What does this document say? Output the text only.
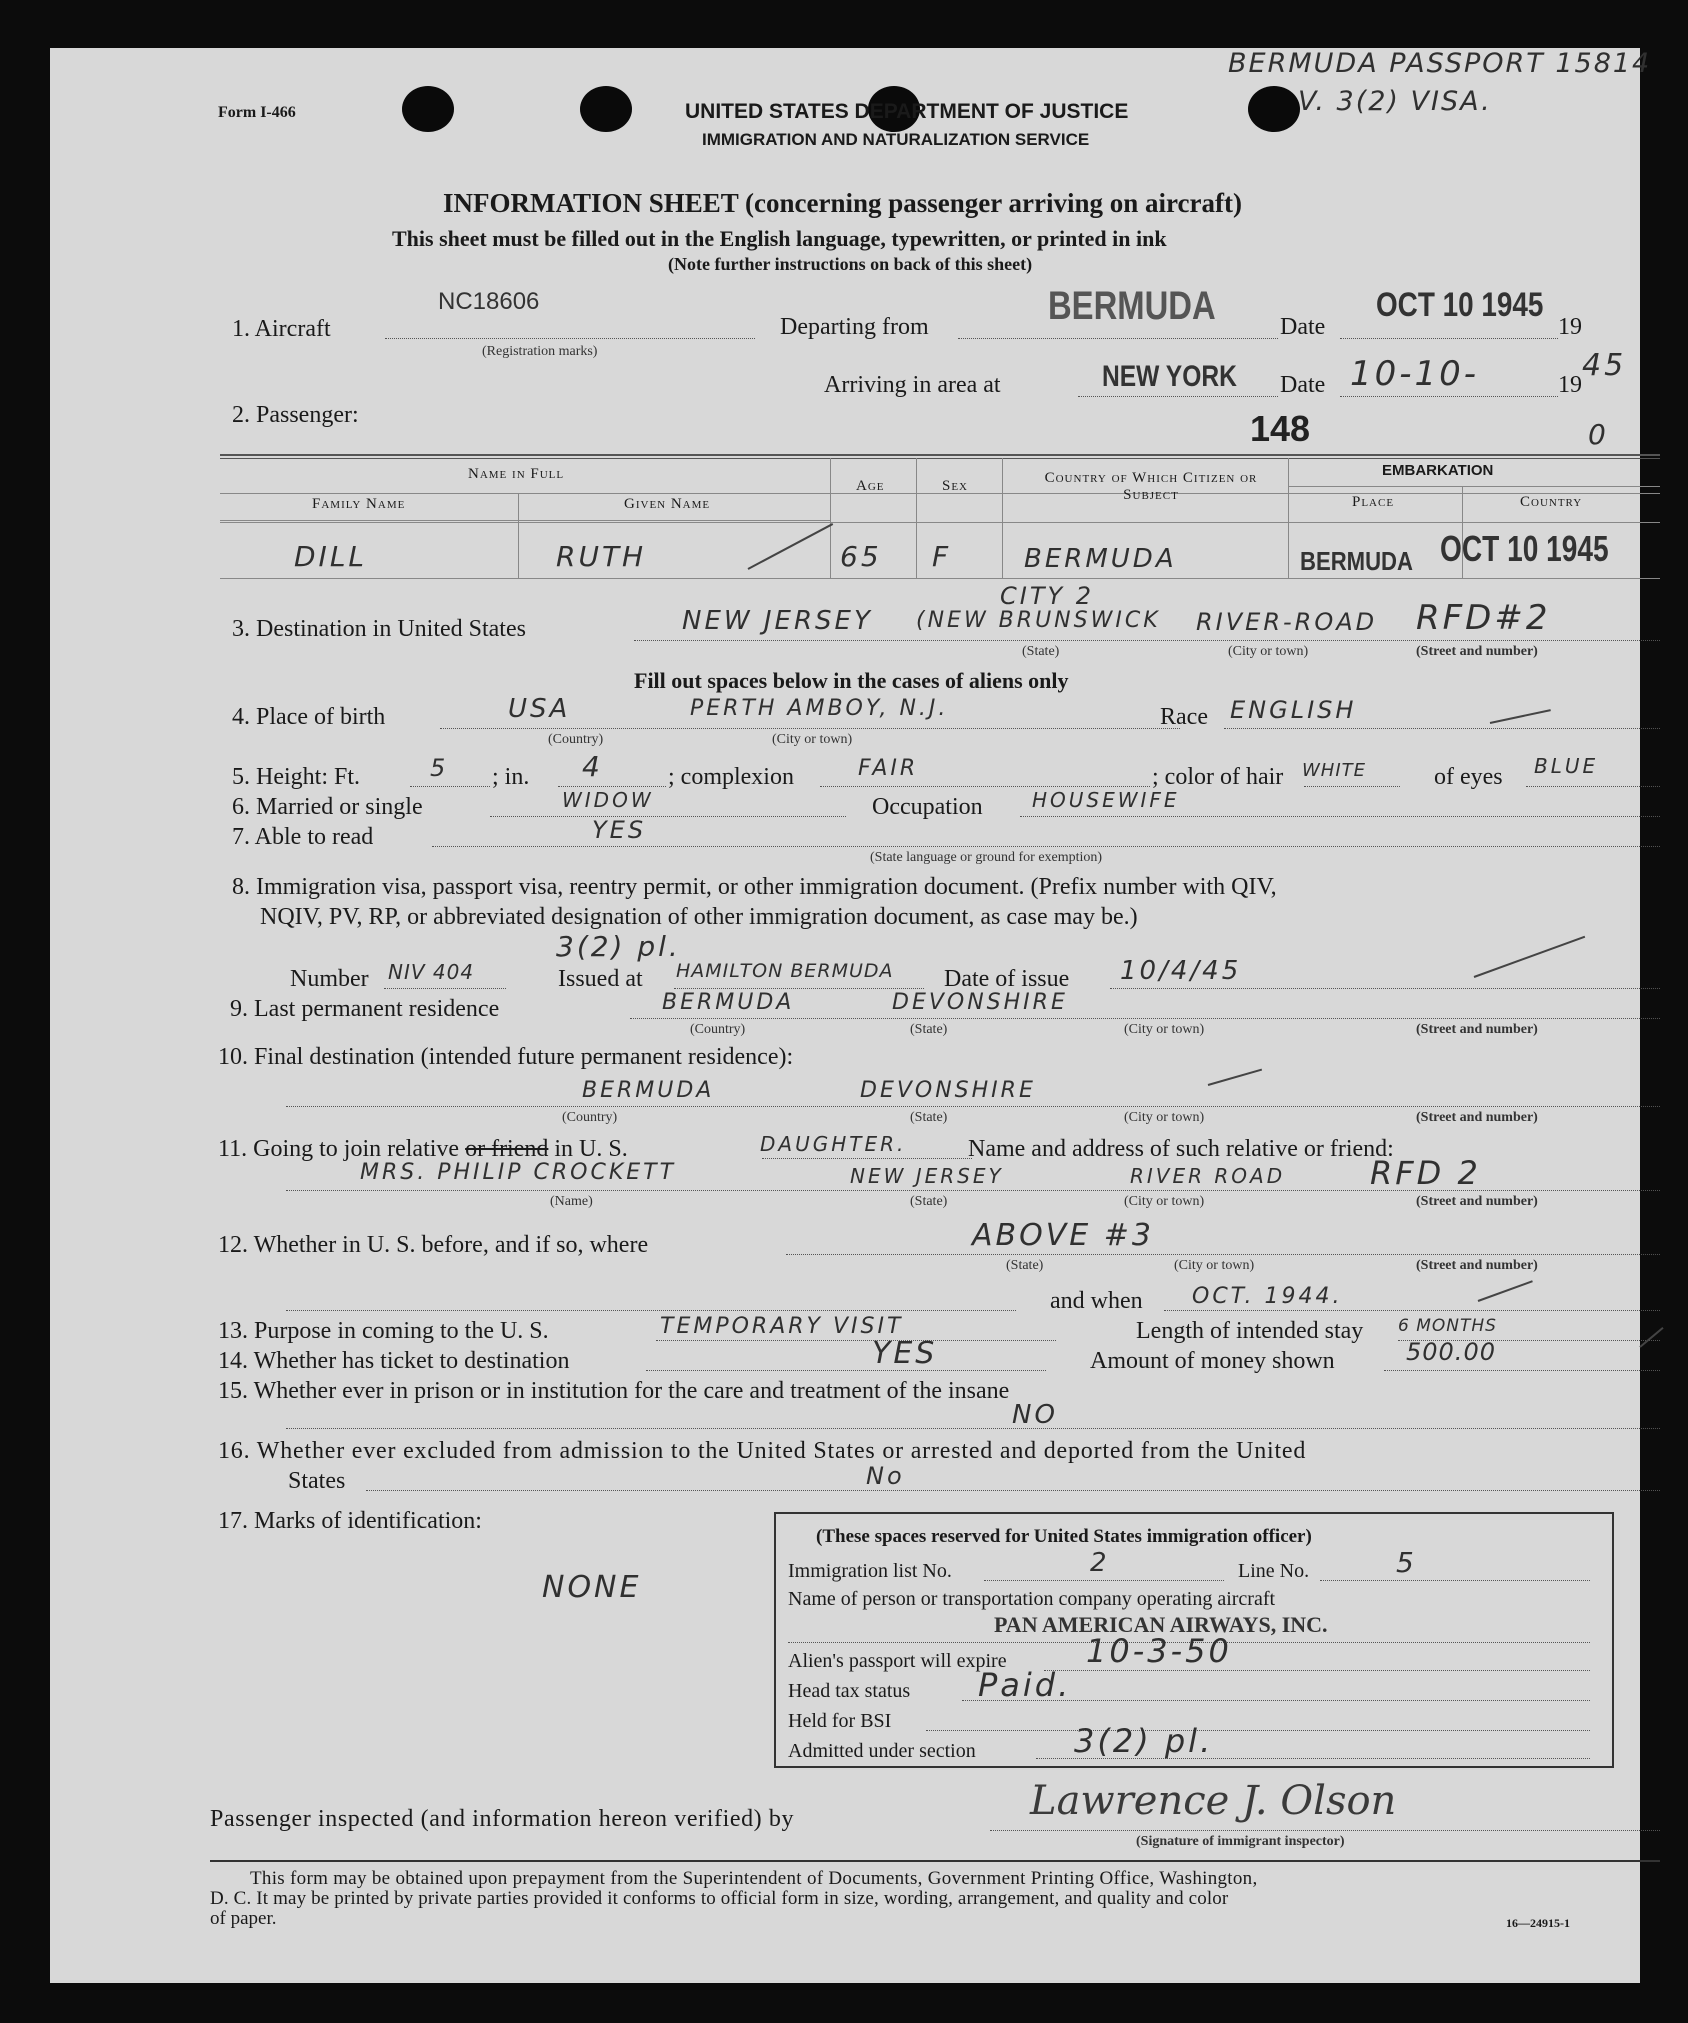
Form I-466	UNITED STATES DEPARTMENT OF JUSTICE
IMMIGRATION AND NATURALIZATION SERVICE
BERMUDA PASSPORT 15814
V. 3(2) VISA.
INFORMATION SHEET (concerning passenger arriving on aircraft)
This sheet must be filled out in the English language, typewritten, or printed in ink
(Note further instructions on back of this sheet)
1. Aircraft
NC18606
(Registration marks)
Departing from	BERMUDA	Date
OCT 10 1945
19
Arriving in area at	NEW YORK Date 10-10-	19
45
2. Passenger:	148	0
Name in Full
Family Name	Given Name
Age	Sex	Country of Which Citizen or Subject
EMBARKATION
Place	Country
DILL	RUTH	65 F	BERMUDA	BERMUDA OCT 10 1945
3. Destination in United States	NEW JERSEY
CITY 2
(NEW BRUNSWICK RIVER-ROAD RFD#2
(State)	(City or town)	(Street and number)
Fill out spaces below in the cases of aliens only
4. Place of birth	USA	PERTH AMBOY, N.J.
(Country)	(City or town)
Race ENGLISH
5. Height: Ft.	5 ; in. 4	; complexion	FAIR	; color of hair WHITE	of eyes BLUE
6. Married or single	WIDOW	Occupation HOUSEWIFE
7. Able to read	YES
(State language or ground for exemption)
8. Immigration visa, passport visa, reentry permit, or other immigration document. (Prefix number with QIV,
NQIV, PV, RP, or abbreviated designation of other immigration document, as case may be.)
3(2) pl.
Number NIV 404	Issued at HAMILTON BERMUDA Date of issue 10/4/45
9. Last permanent residence	BERMUDA	DEVONSHIRE
(Country)	(State)	(City or town)	(Street and number)
10. Final destination (intended future permanent residence):
BERMUDA	DEVONSHIRE
(Country)	(State)	(City or town)	(Street and number)
11. Going to join relative or friend in U. S.	DAUGHTER.	Name and address of such relative or friend:
MRS. PHILIP CROCKETT	NEW JERSEY	RIVER ROAD	RFD 2
(Name)	(State)	(City or town)	(Street and number)
12. Whether in U. S. before, and if so, where	ABOVE #3
(State)	(City or town)	(Street and number)
and when OCT. 1944.
13. Purpose in coming to the U. S.	TEMPORARY VISIT	Length of intended stay 6 MONTHS
14. Whether has ticket to destination	YES	Amount of money shown	500.00
15. Whether ever in prison or in institution for the care and treatment of the insane
NO
16. Whether ever excluded from admission to the United States or arrested and deported from the United
States	No
17. Marks of identification:
NONE
(These spaces reserved for United States immigration officer)
Immigration list No.	2	Line No.	5
Name of person or transportation company operating aircraft
PAN AMERICAN AIRWAYS, INC.
Alien's passport will expire 10-3-50
Head tax status Paid.
Held for BSI
Admitted under section	3(2) pl.
Passenger inspected (and information hereon verified) by	Lawrence J. Olson
(Signature of immigrant inspector)
This form may be obtained upon prepayment from the Superintendent of Documents, Government Printing Office, Washington,
D. C. It may be printed by private parties provided it conforms to official form in size, wording, arrangement, and quality and color
of paper.	16—24915-1
